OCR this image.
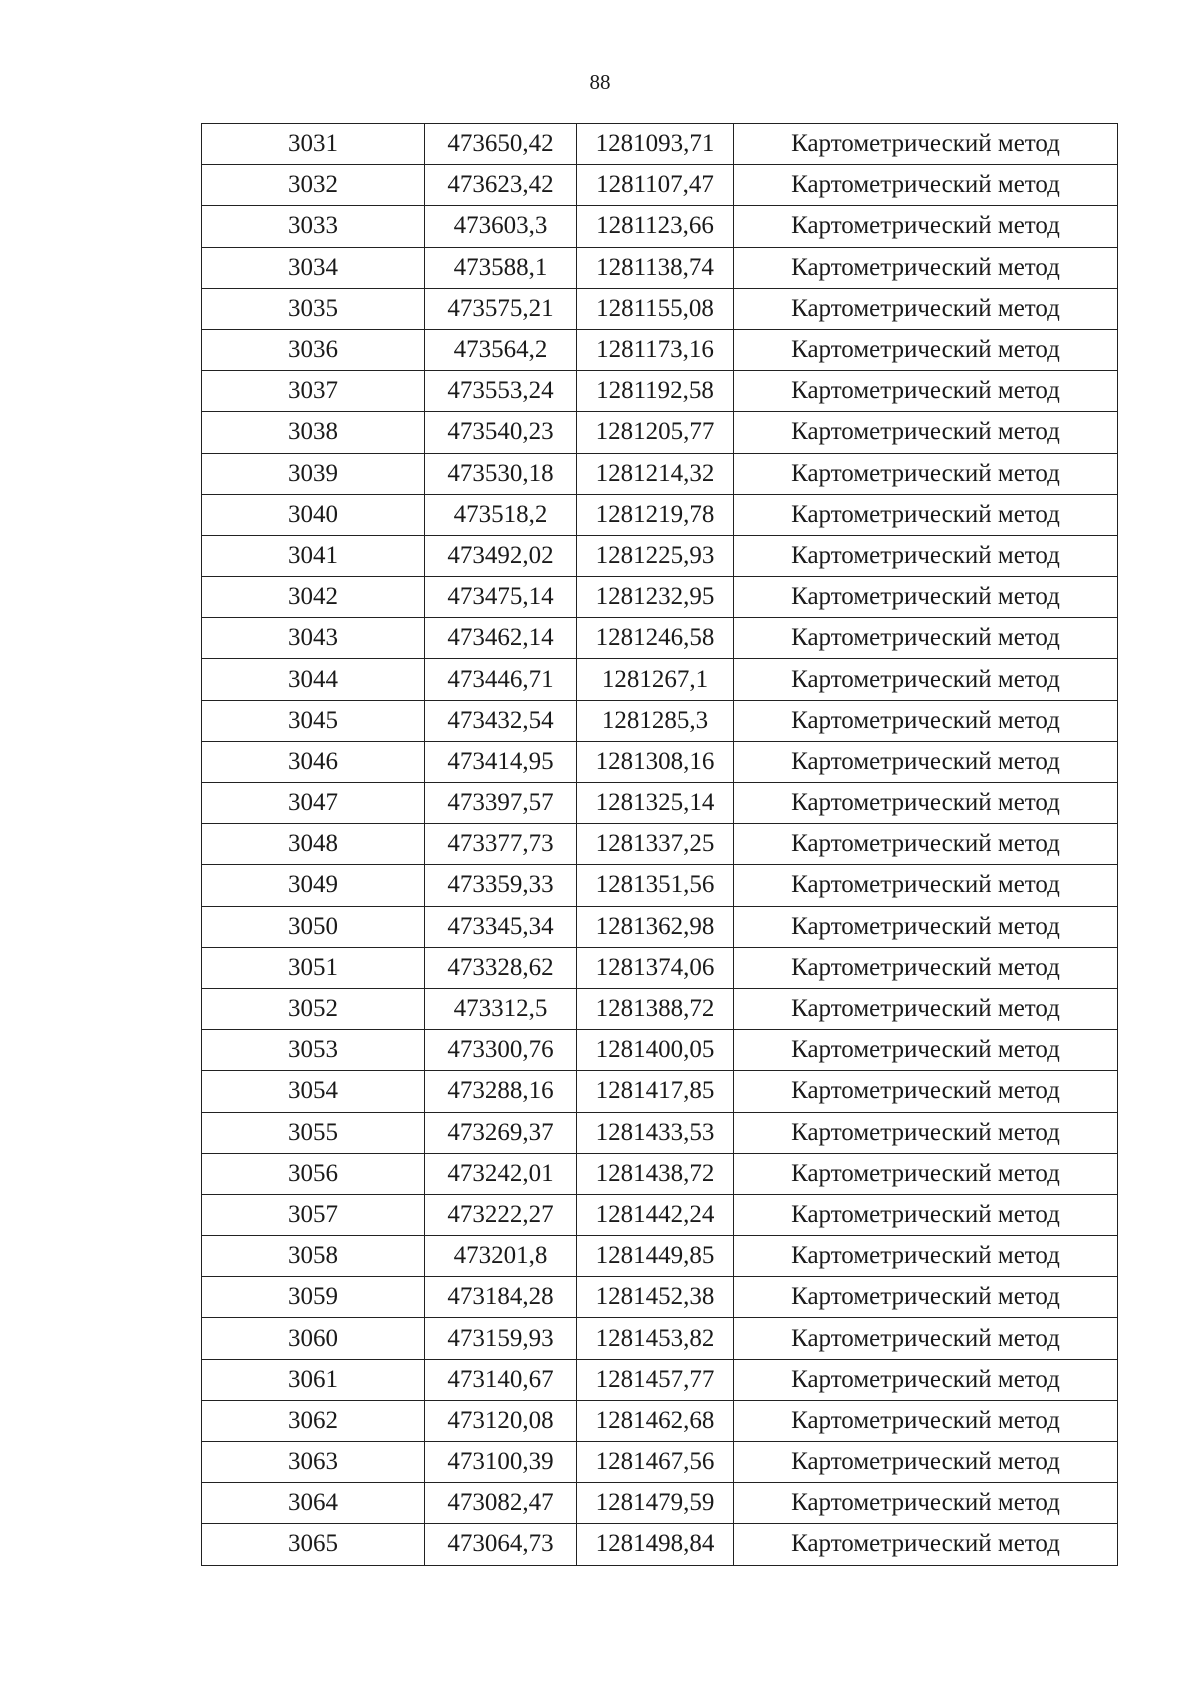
88
3031	473650,42	1281093,71	Картометрический метод
3032	473623,42	1281107,47	Картометрический метод
3033	473603,3	1281123,66	Картометрический метод
3034	473588,1	1281138,74	Картометрический метод
3035	473575,21	1281155,08	Картометрический метод
3036	473564,2	1281173,16	Картометрический метод
3037	473553,24	1281192,58	Картометрический метод
3038	473540,23	1281205,77	Картометрический метод
3039	473530,18	1281214,32	Картометрический метод
3040	473518,2	1281219,78	Картометрический метод
3041	473492,02	1281225,93	Картометрический метод
3042	473475,14	1281232,95	Картометрический метод
3043	473462,14	1281246,58	Картометрический метод
3044	473446,71	1281267,1	Картометрический метод
3045	473432,54	1281285,3	Картометрический метод
3046	473414,95	1281308,16	Картометрический метод
3047	473397,57	1281325,14	Картометрический метод
3048	473377,73	1281337,25	Картометрический метод
3049	473359,33	1281351,56	Картометрический метод
3050	473345,34	1281362,98	Картометрический метод
3051	473328,62	1281374,06	Картометрический метод
3052	473312,5	1281388,72	Картометрический метод
3053	473300,76	1281400,05	Картометрический метод
3054	473288,16	1281417,85	Картометрический метод
3055	473269,37	1281433,53	Картометрический метод
3056	473242,01	1281438,72	Картометрический метод
3057	473222,27	1281442,24	Картометрический метод
3058	473201,8	1281449,85	Картометрический метод
3059	473184,28	1281452,38	Картометрический метод
3060	473159,93	1281453,82	Картометрический метод
3061	473140,67	1281457,77	Картометрический метод
3062	473120,08	1281462,68	Картометрический метод
3063	473100,39	1281467,56	Картометрический метод
3064	473082,47	1281479,59	Картометрический метод
3065	473064,73	1281498,84	Картометрический метод
